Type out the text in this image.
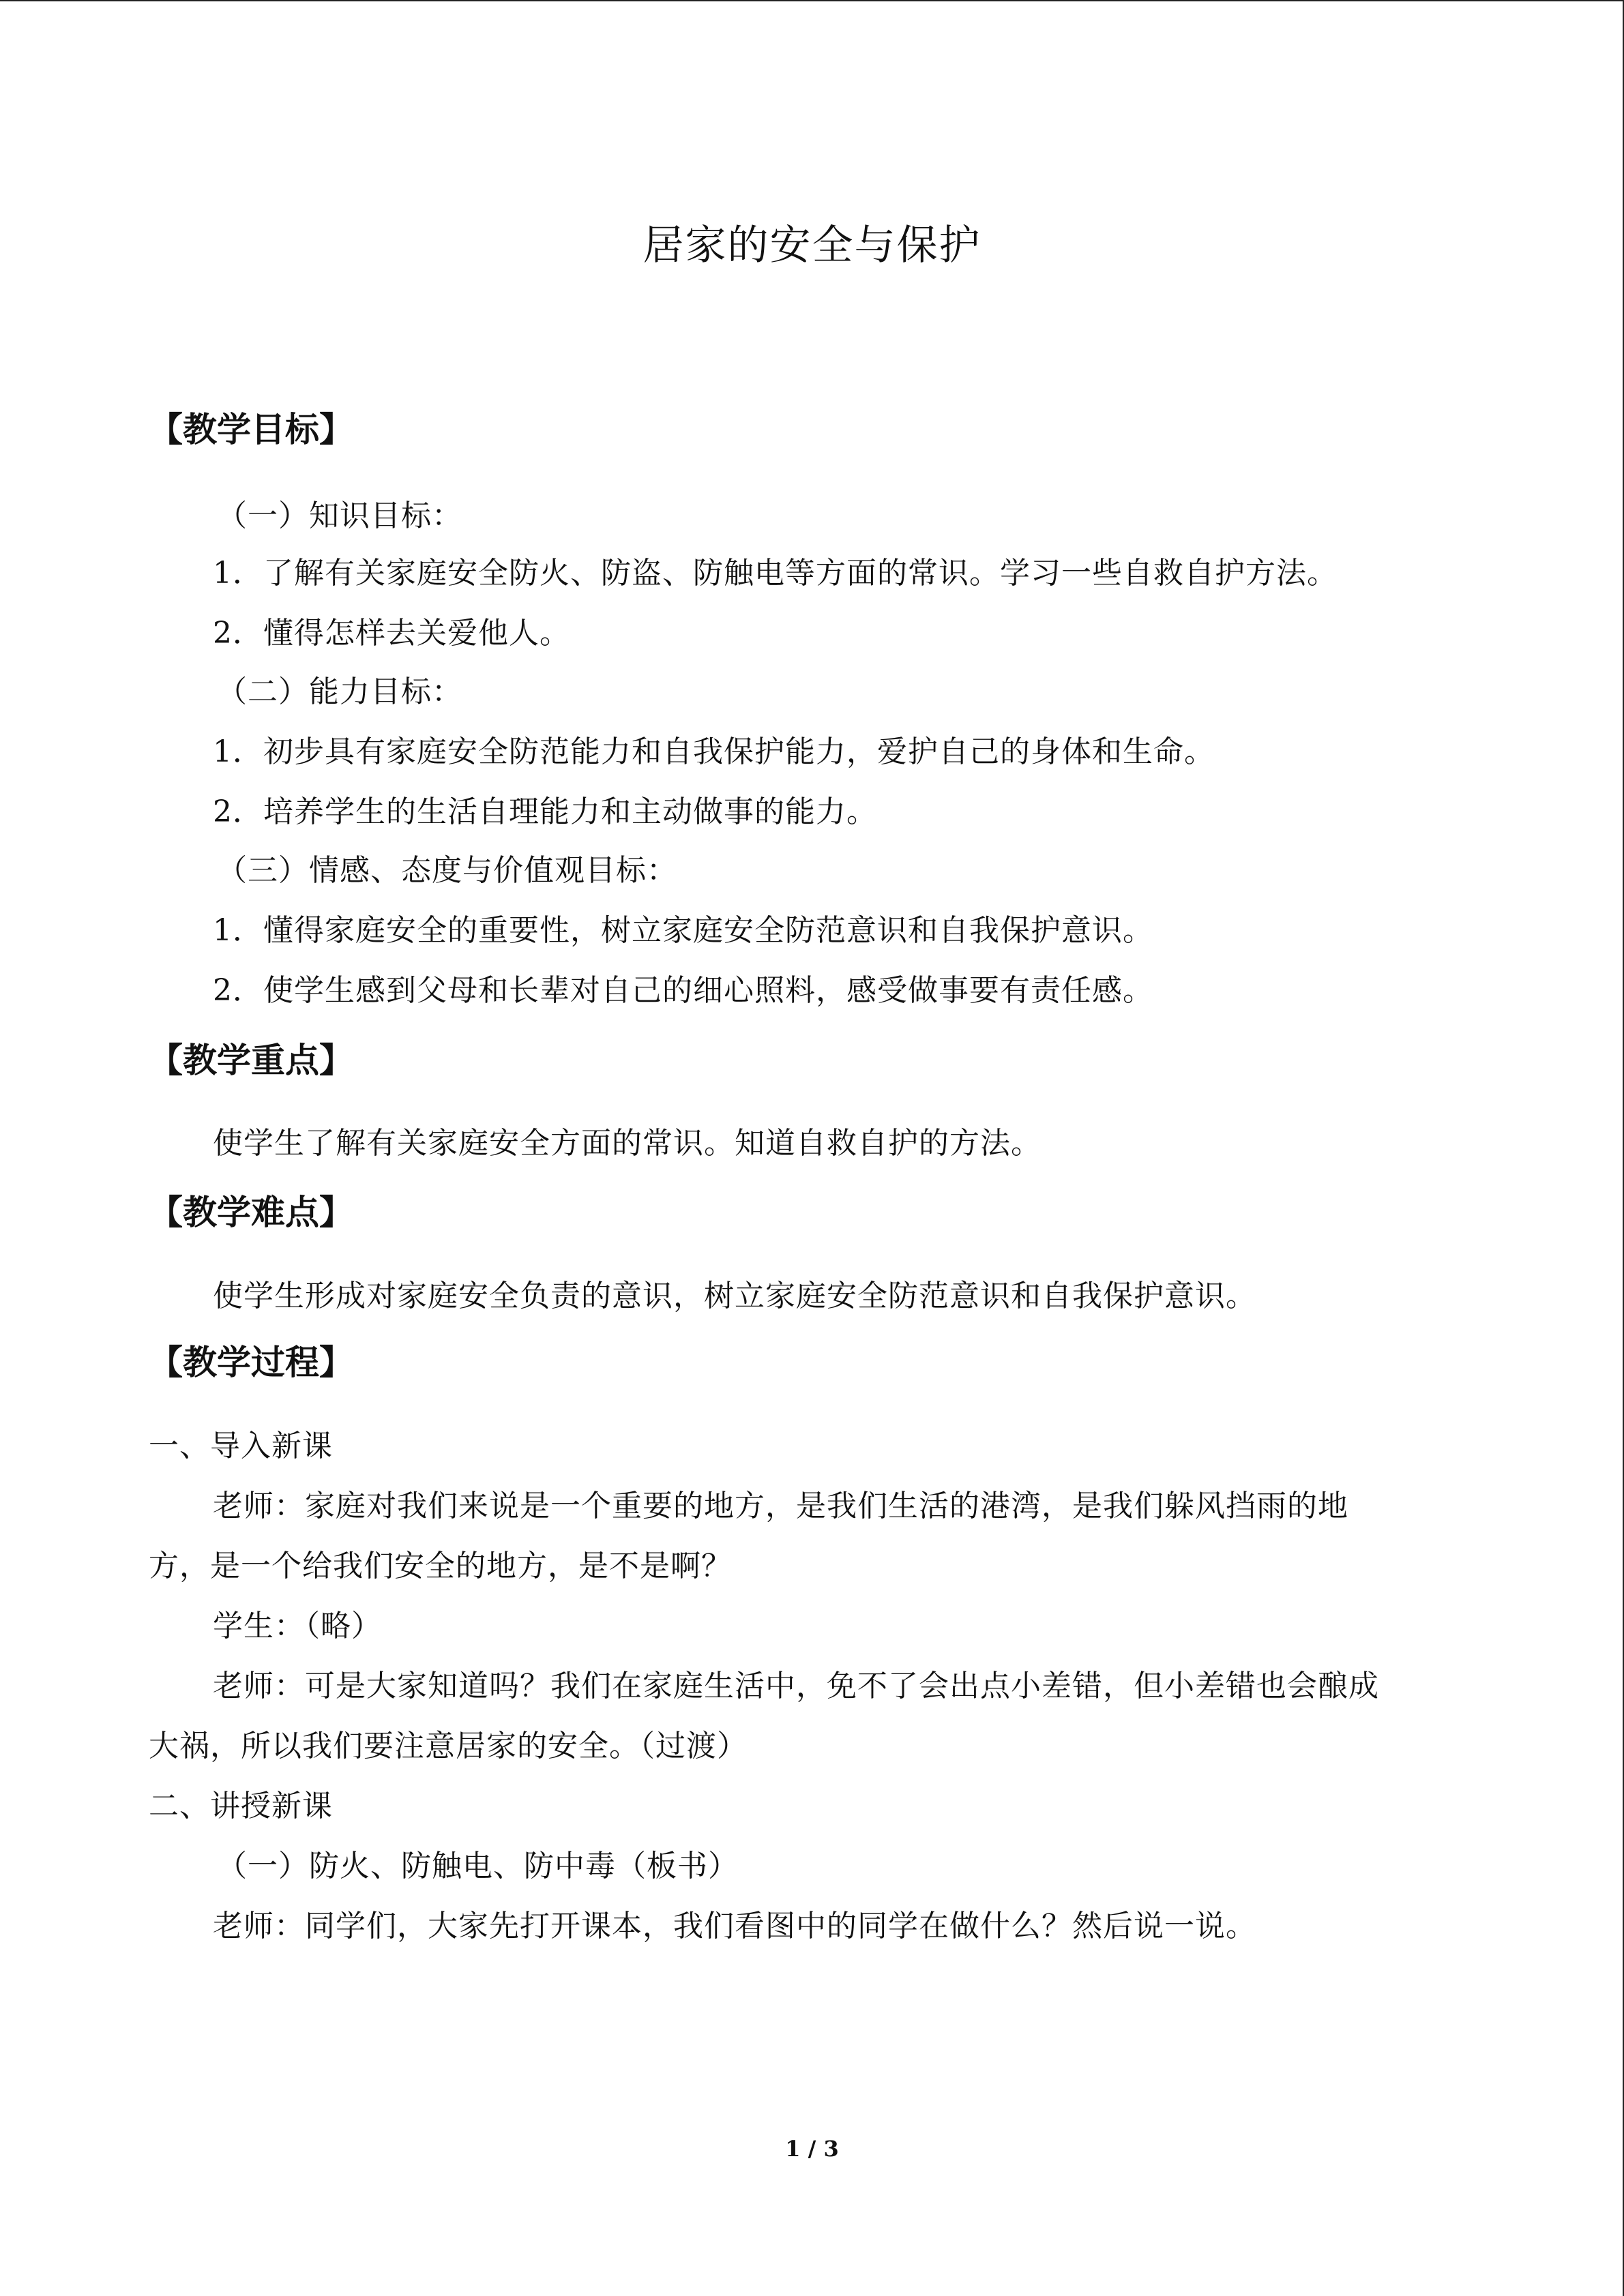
居家的安全与保护
【教学目标】
（一）知识目标：
1．了解有关家庭安全防火、防盗、防触电等方面的常识。学习一些自救自护方法。
2．懂得怎样去关爱他人。
（二）能力目标：
1．初步具有家庭安全防范能力和自我保护能力，爱护自己的身体和生命。
2．培养学生的生活自理能力和主动做事的能力。
（三）情感、态度与价值观目标：
1．懂得家庭安全的重要性，树立家庭安全防范意识和自我保护意识。
2．使学生感到父母和长辈对自己的细心照料，感受做事要有责任感。
【教学重点】
使学生了解有关家庭安全方面的常识。知道自救自护的方法。
【教学难点】
使学生形成对家庭安全负责的意识，树立家庭安全防范意识和自我保护意识。
【教学过程】
一、导入新课
老师：家庭对我们来说是一个重要的地方，是我们生活的港湾，是我们躲风挡雨的地
方，是一个给我们安全的地方，是不是啊？
学生：（略）
老师：可是大家知道吗？我们在家庭生活中，免不了会出点小差错，但小差错也会酿成
大祸，所以我们要注意居家的安全。（过渡）
二、讲授新课
（一）防火、防触电、防中毒（板书）
老师：同学们，大家先打开课本，我们看图中的同学在做什么？然后说一说。
1 / 3
